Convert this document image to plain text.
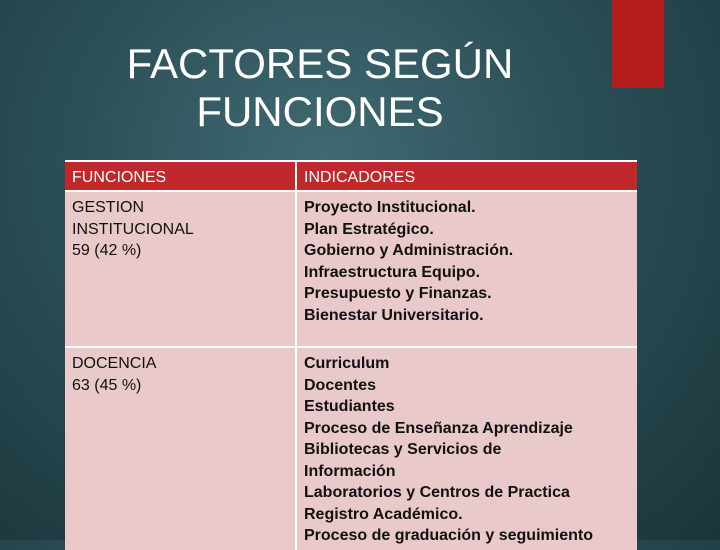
FACTORES SEGÚN
FUNCIONES
FUNCIONES	INDICADORES
GESTION
INSTITUCIONAL
59 (42 %)
Proyecto Institucional.
Plan Estratégico.
Gobierno y Administración.
Infraestructura Equipo.
Presupuesto y Finanzas.
Bienestar Universitario.
DOCENCIA
63 (45 %)
Curriculum
Docentes
Estudiantes
Proceso de Enseñanza Aprendizaje
Bibliotecas y Servicios de
Información
Laboratorios y Centros de Practica
Registro Académico.
Proceso de graduación y seguimiento
